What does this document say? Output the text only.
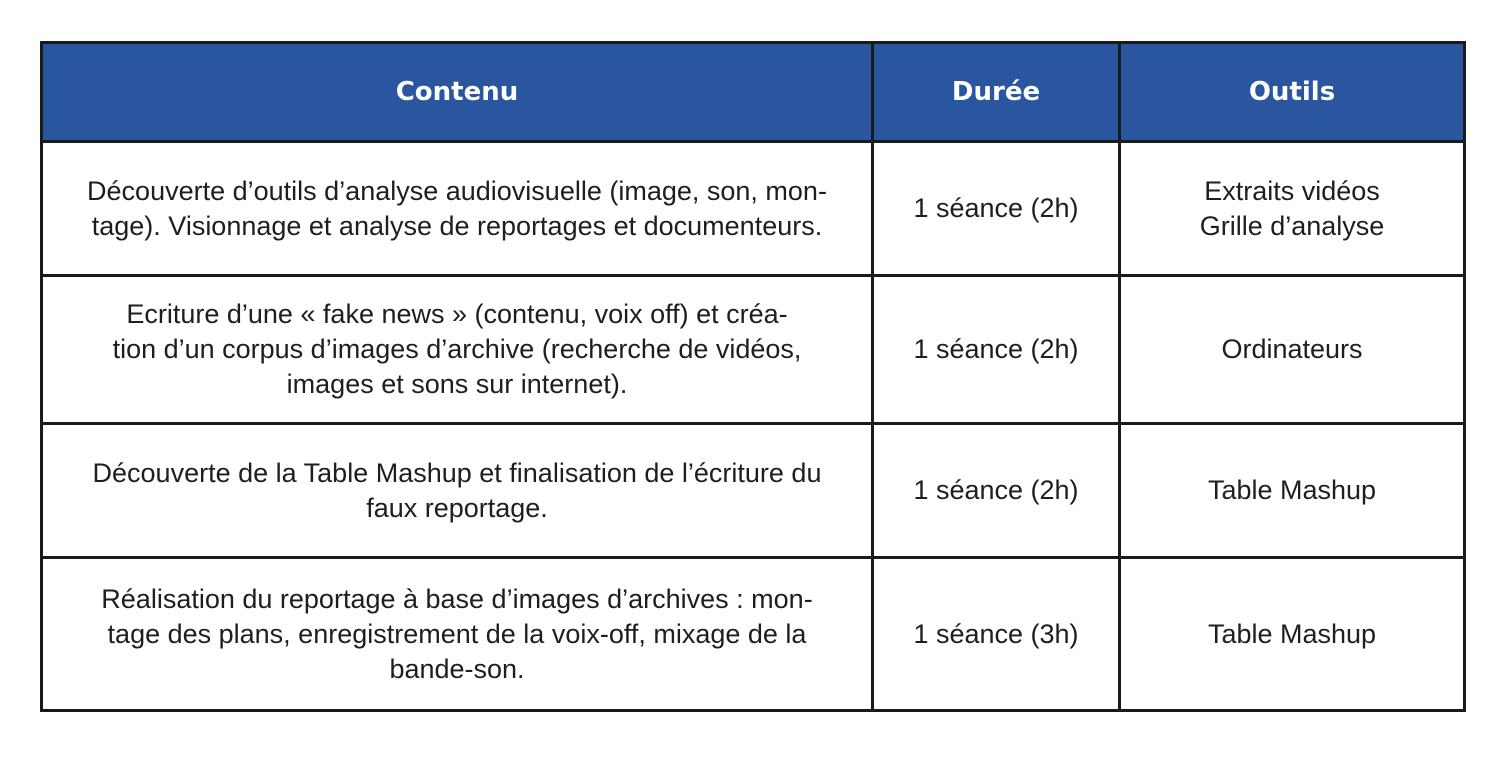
Contenu	Durée	Outils

Découverte d’outils d’analyse audiovisuelle (image, son, mon-
tage). Visionnage et analyse de reportages et documenteurs.	1 séance (2h)	Extraits vidéos
Grille d’analyse

Ecriture d’une « fake news » (contenu, voix off) et créa-
tion d’un corpus d’images d’archive (recherche de vidéos,
images et sons sur internet).	1 séance (2h)	Ordinateurs

Découverte de la Table Mashup et finalisation de l’écriture du
faux reportage.	1 séance (2h)	Table Mashup

Réalisation du reportage à base d’images d’archives : mon-
tage des plans, enregistrement de la voix-off, mixage de la
bande-son.	1 séance (3h)	Table Mashup
